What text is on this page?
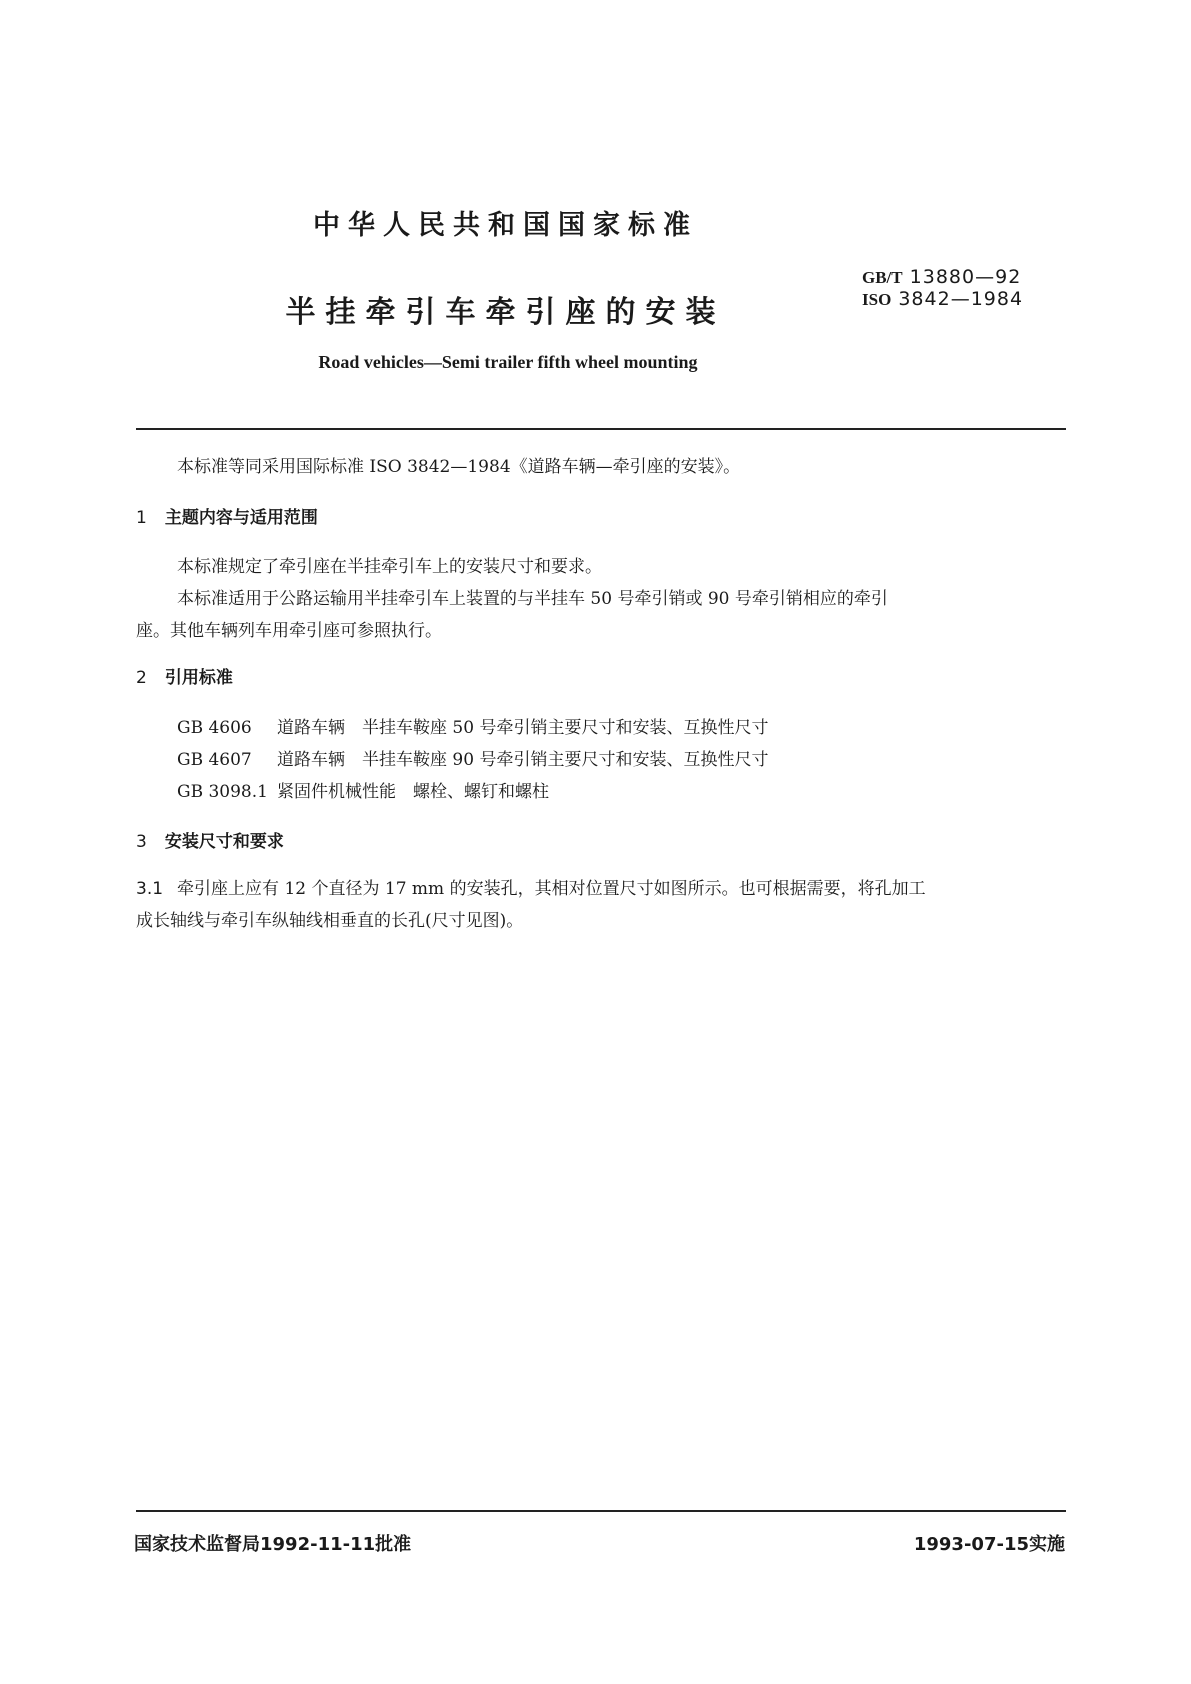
中华人民共和国国家标准
半挂牵引车牵引座的安装
GB/T 13880—92
ISO 3842—1984
Road vehicles—Semi trailer fifth wheel mounting
本标准等同采用国际标准 ISO 3842—1984《道路车辆—牵引座的安装》。
1 主题内容与适用范围
本标准规定了牵引座在半挂牵引车上的安装尺寸和要求。
本标准适用于公路运输用半挂牵引车上装置的与半挂车 50 号牵引销或 90 号牵引销相应的牵引
座。其他车辆列车用牵引座可参照执行。
2 引用标准
GB 4606 道路车辆　半挂车鞍座 50 号牵引销主要尺寸和安装、互换性尺寸
GB 4607 道路车辆　半挂车鞍座 90 号牵引销主要尺寸和安装、互换性尺寸
GB 3098.1 紧固件机械性能　螺栓、螺钉和螺柱
3 安装尺寸和要求
3.1 牵引座上应有 12 个直径为 17 mm 的安装孔，其相对位置尺寸如图所示。也可根据需要，将孔加工
成长轴线与牵引车纵轴线相垂直的长孔(尺寸见图)。
国家技术监督局1992-11-11批准	1993-07-15实施
